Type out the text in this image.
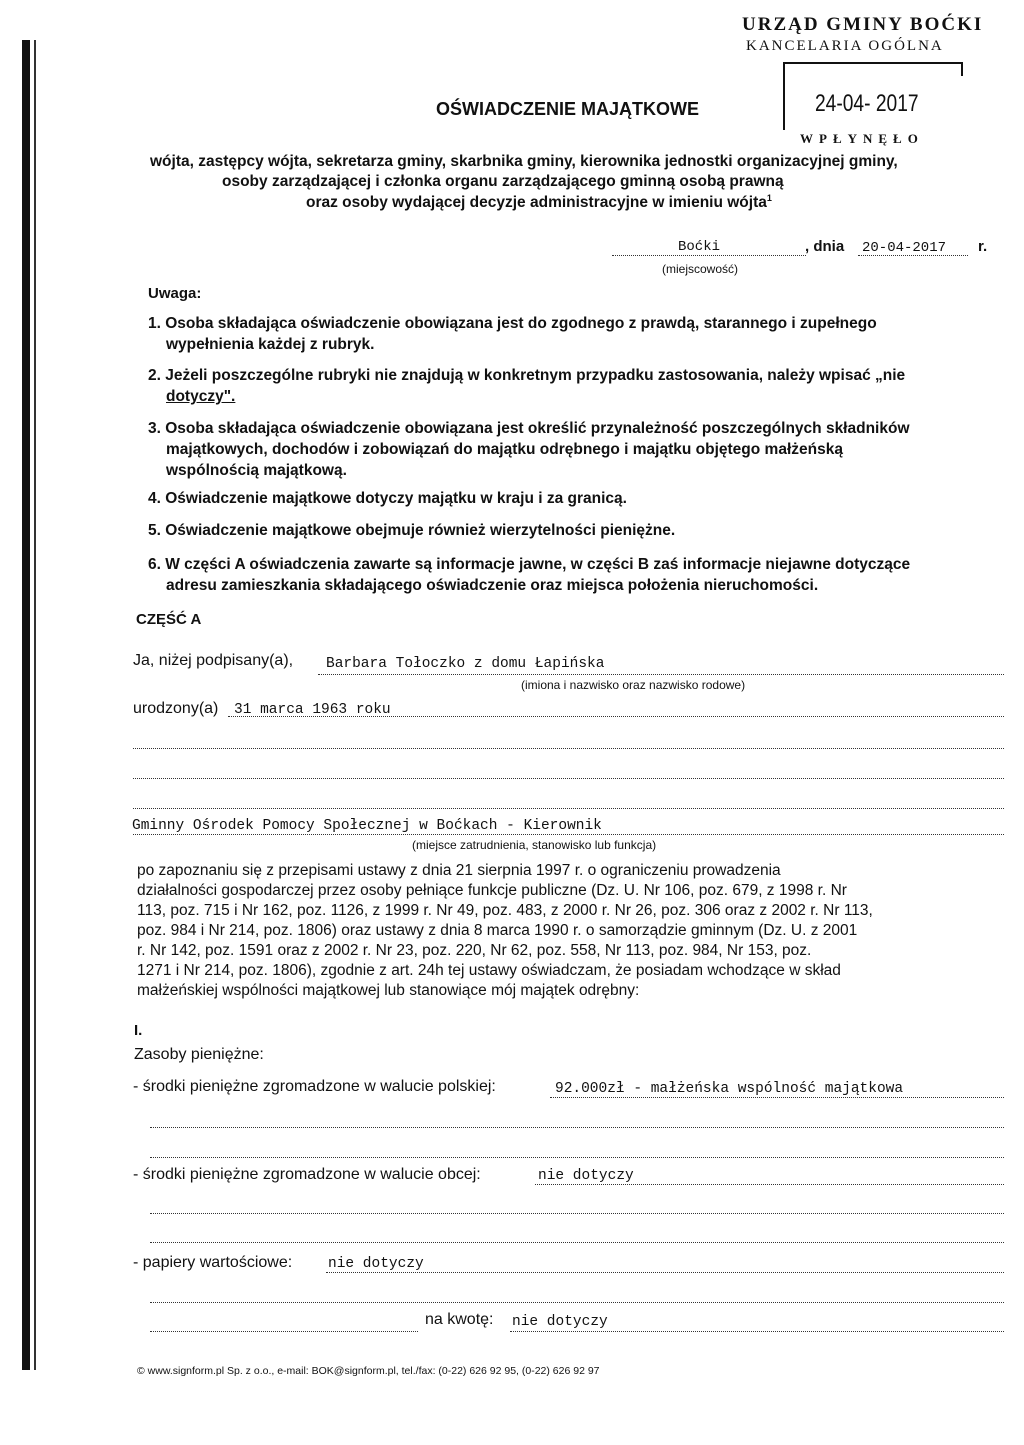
URZĄD GMINY BOĆKI
KANCELARIA OGÓLNA
24-04- 2017
WPŁYNĘŁO
OŚWIADCZENIE MAJĄTKOWE
wójta, zastępcy wójta, sekretarza gminy, skarbnika gminy, kierownika jednostki organizacyjnej gminy,
osoby zarządzającej i członka organu zarządzającego gminną osobą prawną
oraz osoby wydającej decyzje administracyjne w imieniu wójta$^1$
Boćki
(miejscowość)
, dnia 20-04-2017 r.
Uwaga:
1. Osoba składająca oświadczenie obowiązana jest do zgodnego z prawdą, starannego i zupełnego
wypełnienia każdej z rubryk.
2. Jeżeli poszczególne rubryki nie znajdują w konkretnym przypadku zastosowania, należy wpisać „nie
dotyczy".
3. Osoba składająca oświadczenie obowiązana jest określić przynależność poszczególnych składników
majątkowych, dochodów i zobowiązań do majątku odrębnego i majątku objętego małżeńską
wspólnością majątkową.
4. Oświadczenie majątkowe dotyczy majątku w kraju i za granicą.
5. Oświadczenie majątkowe obejmuje również wierzytelności pieniężne.
6. W części A oświadczenia zawarte są informacje jawne, w części B zaś informacje niejawne dotyczące
adresu zamieszkania składającego oświadczenie oraz miejsca położenia nieruchomości.
CZĘŚĆ A
Ja, niżej podpisany(a), Barbara Tołoczko z domu Łapińska
(imiona i nazwisko oraz nazwisko rodowe)
urodzony(a) 31 marca 1963 roku
Gminny Ośrodek Pomocy Społecznej w Boćkach - Kierownik
(miejsce zatrudnienia, stanowisko lub funkcja)
po zapoznaniu się z przepisami ustawy z dnia 21 sierpnia 1997 r. o ograniczeniu prowadzenia
działalności gospodarczej przez osoby pełniące funkcje publiczne (Dz. U. Nr 106, poz. 679, z 1998 r. Nr
113, poz. 715 i Nr 162, poz. 1126, z 1999 r. Nr 49, poz. 483, z 2000 r. Nr 26, poz. 306 oraz z 2002 r. Nr 113,
poz. 984 i Nr 214, poz. 1806) oraz ustawy z dnia 8 marca 1990 r. o samorządzie gminnym (Dz. U. z 2001
r. Nr 142, poz. 1591 oraz z 2002 r. Nr 23, poz. 220, Nr 62, poz. 558, Nr 113, poz. 984, Nr 153, poz.
1271 i Nr 214, poz. 1806), zgodnie z art. 24h tej ustawy oświadczam, że posiadam wchodzące w skład
małżeńskiej wspólności majątkowej lub stanowiące mój majątek odrębny:
I.
Zasoby pieniężne:
- środki pieniężne zgromadzone w walucie polskiej:	92.000zł - małżeńska wspólność majątkowa
- środki pieniężne zgromadzone w walucie obcej:	nie dotyczy
- papiery wartościowe: nie dotyczy
na kwotę: nie dotyczy
© www.signform.pl Sp. z o.o., e-mail: BOK@signform.pl, tel./fax: (0-22) 626 92 95, (0-22) 626 92 97
